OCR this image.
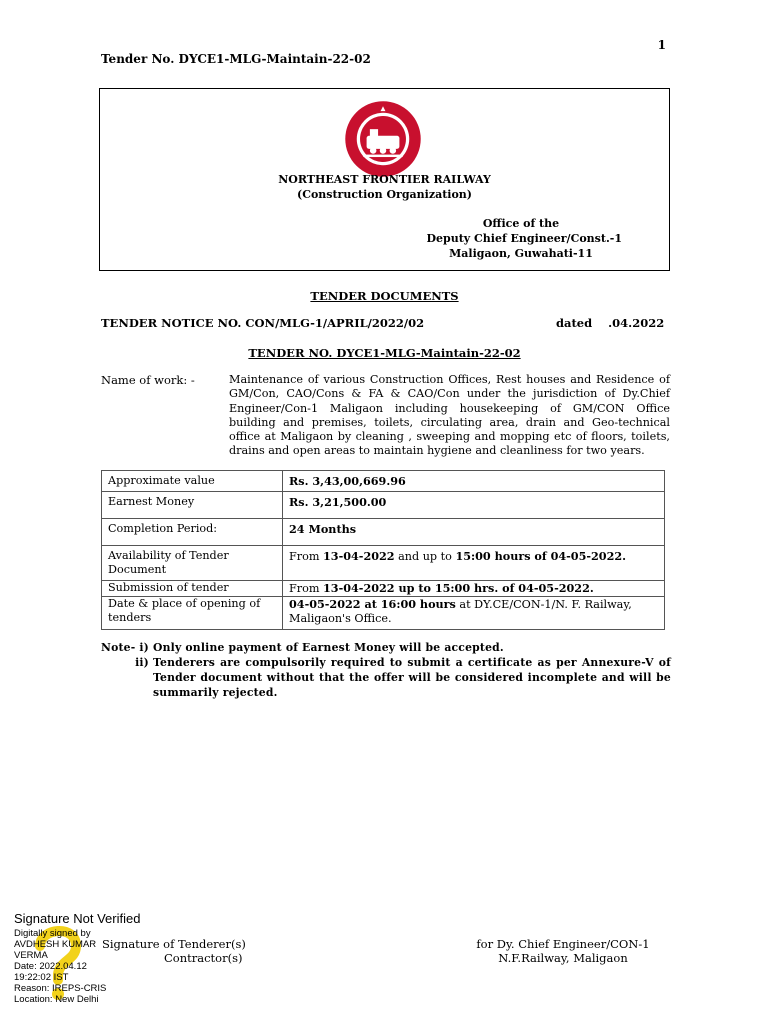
1
Tender No. DYCE1-MLG-Maintain-22-02
NORTHEAST FRONTIER RAILWAY
(Construction Organization)
Office of the
Deputy Chief Engineer/Const.-1
Maligaon, Guwahati-11
TENDER DOCUMENTS
TENDER NOTICE NO. CON/MLG-1/APRIL/2022/02	dated    .04.2022
TENDER NO. DYCE1-MLG-Maintain-22-02
Name of work: -	Maintenance of various Construction Offices, Rest houses and Residence of GM/Con, CAO/Cons & FA & CAO/Con under the jurisdiction of Dy.Chief Engineer/Con-1 Maligaon including housekeeping of GM/CON Office building and premises, toilets, circulating area, drain and Geo-technical office at Maligaon by cleaning , sweeping and mopping etc of floors, toilets, drains and open areas to maintain hygiene and cleanliness for two years.
Approximate value	Rs. 3,43,00,669.96
Earnest Money	Rs. 3,21,500.00
Completion Period:	24 Months
Availability of Tender Document	From 13-04-2022 and up to 15:00 hours of 04-05-2022.
Submission of tender	From 13-04-2022 up to 15:00 hrs. of 04-05-2022.
Date & place of opening of tenders	04-05-2022 at 16:00 hours at DY.CE/CON-1/N. F. Railway, Maligaon's Office.
Note- i) Only online payment of Earnest Money will be accepted.
ii) Tenderers are compulsorily required to submit a certificate as per Annexure-V of Tender document without that the offer will be considered incomplete and will be summarily rejected.
Signature Not Verified
Digitally signed by
AVDHESH KUMAR
VERMA
Date: 2022.04.12
19:22:02 IST
Reason: IREPS-CRIS
Location: New Delhi
Signature of Tenderer(s)
Contractor(s)
for Dy. Chief Engineer/CON-1
N.F.Railway, Maligaon
